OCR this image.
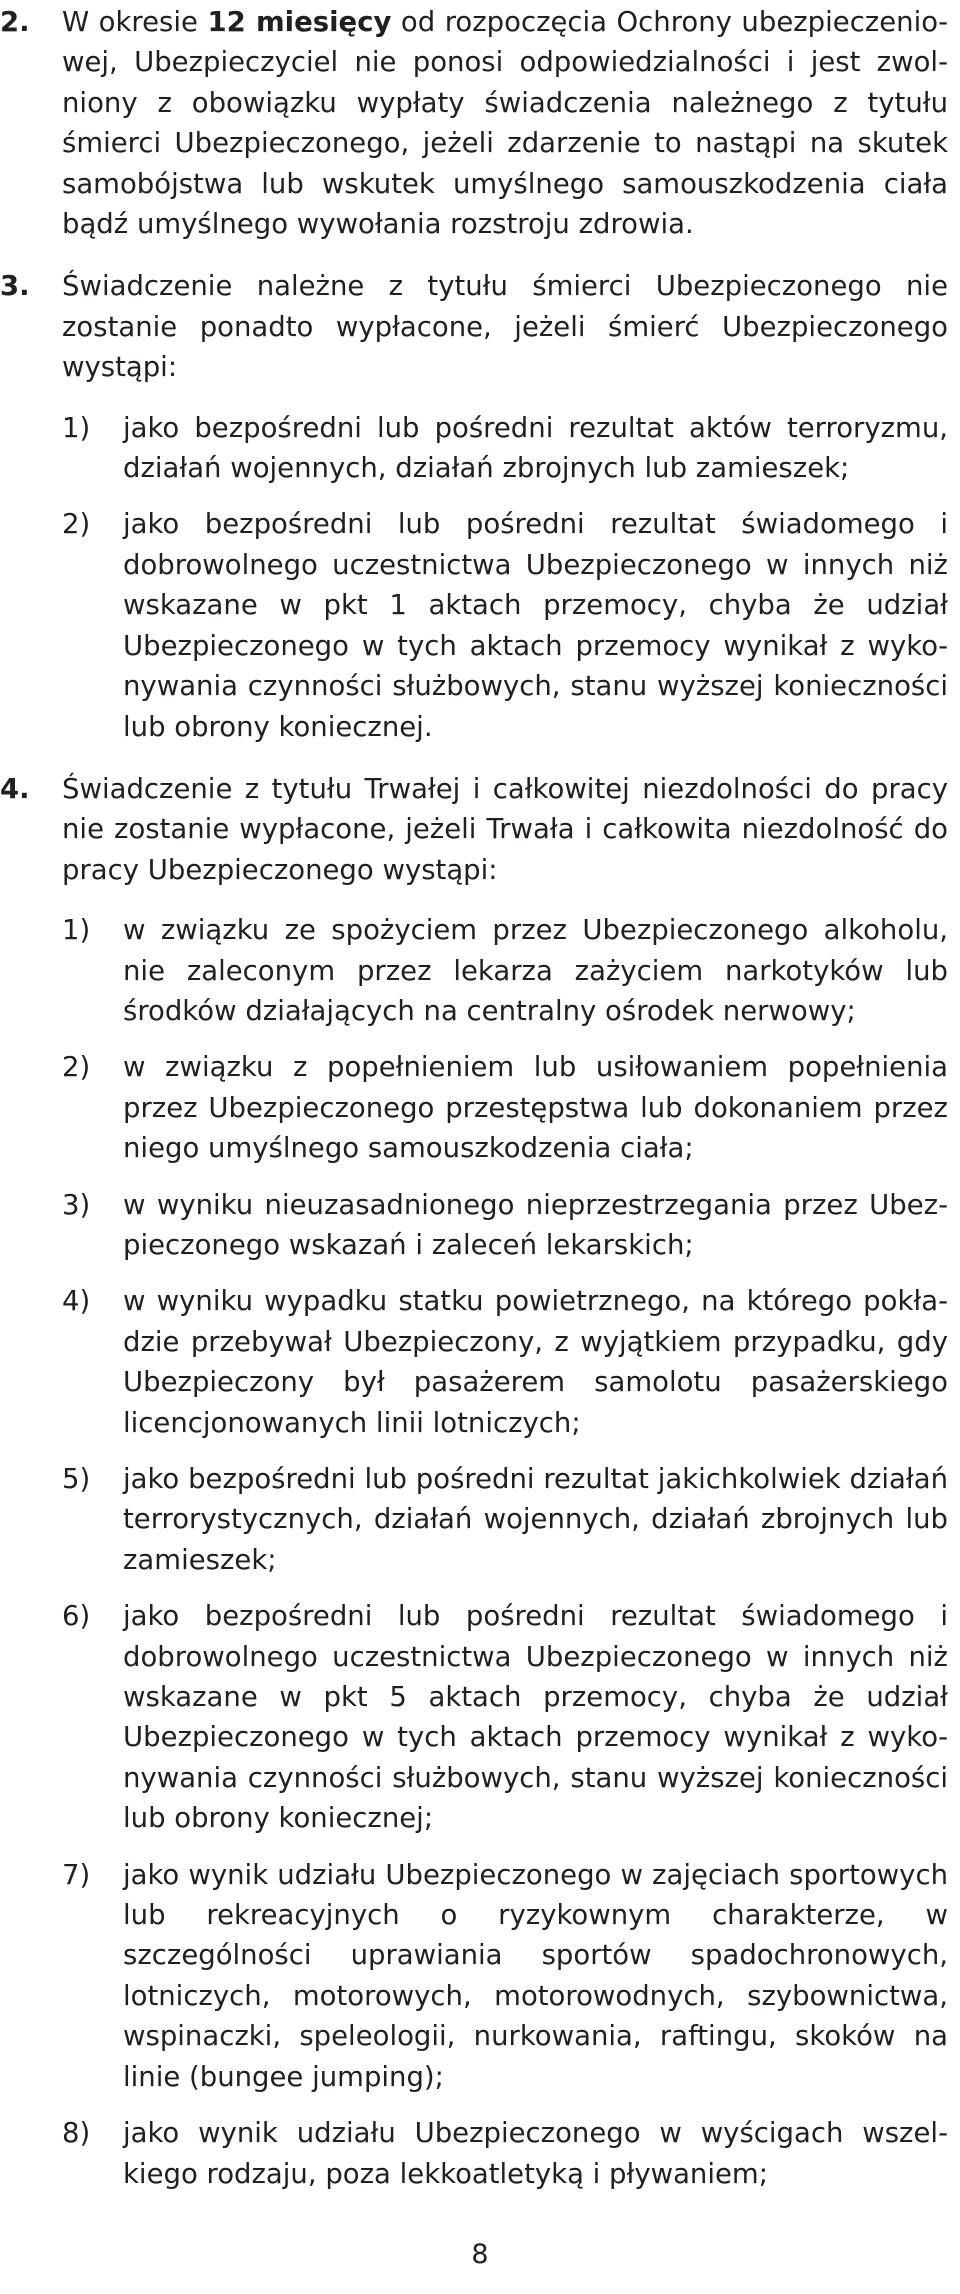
2.	W okresie 12 miesięcy od rozpoczęcia Ochrony ubezpieczeniowej, Ubezpieczyciel nie ponosi odpowiedzialności i jest zwolniony z obowiązku wypłaty świadczenia należnego z tytułu śmierci Ubezpieczonego, jeżeli zdarzenie to nastąpi na skutek samobójstwa lub wskutek umyślnego samouszkodzenia ciała bądź umyślnego wywołania rozstroju zdrowia.
3.	Świadczenie należne z tytułu śmierci Ubezpieczonego nie zostanie ponadto wypłacone, jeżeli śmierć Ubezpieczonego wystąpi:
1)	jako bezpośredni lub pośredni rezultat aktów terroryzmu, działań wojennych, działań zbrojnych lub zamieszek;
2)	jako bezpośredni lub pośredni rezultat świadomego i dobrowolnego uczestnictwa Ubezpieczonego w innych niż wskazane w pkt 1 aktach przemocy, chyba że udział Ubezpieczonego w tych aktach przemocy wynikał z wykonywania czynności służbowych, stanu wyższej konieczności lub obrony koniecznej.
4.	Świadczenie z tytułu Trwałej i całkowitej niezdolności do pracy nie zostanie wypłacone, jeżeli Trwała i całkowita niezdolność do pracy Ubezpieczonego wystąpi:
1)	w związku ze spożyciem przez Ubezpieczonego alkoholu, nie zaleconym przez lekarza zażyciem narkotyków lub środków działających na centralny ośrodek nerwowy;
2)	w związku z popełnieniem lub usiłowaniem popełnienia przez Ubezpieczonego przestępstwa lub dokonaniem przez niego umyślnego samouszkodzenia ciała;
3)	w wyniku nieuzasadnionego nieprzestrzegania przez Ubezpieczonego wskazań i zaleceń lekarskich;
4)	w wyniku wypadku statku powietrznego, na którego pokładzie przebywał Ubezpieczony, z wyjątkiem przypadku, gdy Ubezpieczony był pasażerem samolotu pasażerskiego licencjonowanych linii lotniczych;
5)	jako bezpośredni lub pośredni rezultat jakichkolwiek działań terrorystycznych, działań wojennych, działań zbrojnych lub zamieszek;
6)	jako bezpośredni lub pośredni rezultat świadomego i dobrowolnego uczestnictwa Ubezpieczonego w innych niż wskazane w pkt 5 aktach przemocy, chyba że udział Ubezpieczonego w tych aktach przemocy wynikał z wykonywania czynności służbowych, stanu wyższej konieczności lub obrony koniecznej;
7)	jako wynik udziału Ubezpieczonego w zajęciach sportowych lub rekreacyjnych o ryzykownym charakterze, w szczególności uprawiania sportów spadochronowych, lotniczych, motorowych, motorowodnych, szybownictwa, wspinaczki, speleologii, nurkowania, raftingu, skoków na linie (bungee jumping);
8)	jako wynik udziału Ubezpieczonego w wyścigach wszelkiego rodzaju, poza lekkoatletyką i pływaniem;
8
